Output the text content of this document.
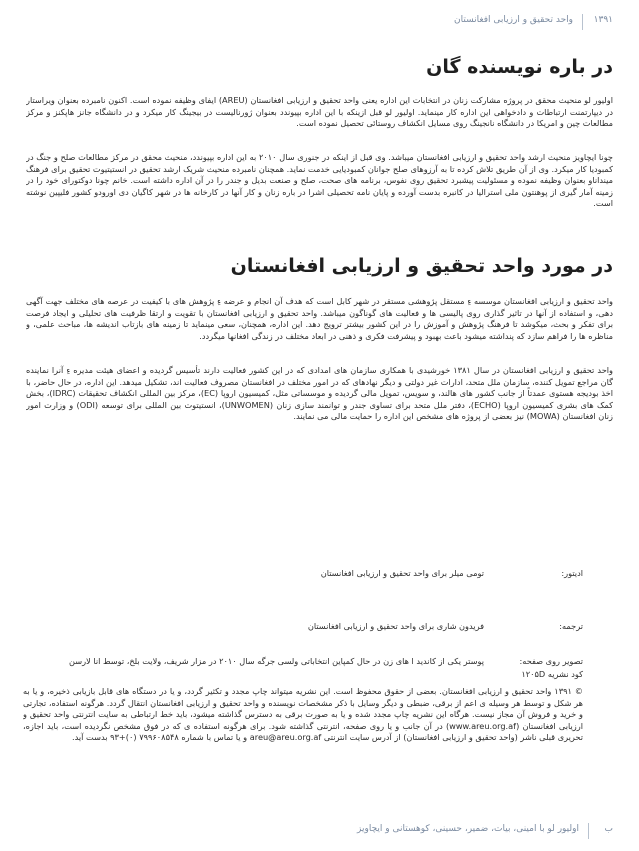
۱۳۹۱
واحد تحقیق و ارزیابی افغانستان
در باره نویسنده گان

اولیور لو منحیث محقق در پروژه مشارکت زنان در انتخابات این اداره یعنی واحد تحقیق و ارزیابی افغانستان (AREU) ایفای وظیفه نموده است. اکنون نامبرده بعنوان ویراستار در دیپارتمنت ارتباطات و دادخواهی این اداره کار مینماید. اولیور لو قبل ازینکه با این اداره بپیوندد بعنوان ژورنالیست در بیجینگ کار میکرد و در دانشگاه جانز هاپکنز و مرکز مطالعات چین و امریکا در دانشگاه نانجینگ روی مسایل انکشاف روستائی تحصیل نموده است.

چونا ایچاویز منحیث ارشد واحد تحقیق و ارزیابی افغانستان میباشد. وی قبل از اینکه در جنوری سال ۲۰۱۰ به این اداره بپیوندد، منحیث محقق در مرکز مطالعات صلح و جنگ در کمبودیا کار میکرد. وی از آن طریق تلاش کرده تا به آرزوهای صلح جوانان کمبودیایی خدمت نماید. همچنان نامبرده منحیث شریک ارشد تحقیق در انستیتیوت تحقیق برای فرهنگ مینداناو بعنوان وظیفه نموده و مسئولیت پیشبرد تحقیق روی نفوس، برنامه های صحت، صلح و صنعت بدیل و جندر را در آن اداره داشته است. خانم چونا دوکتورای خود را در زمینه آمار گیری از پوهنتون ملی استرالیا در کانبره بدست آورده و پایان نامه تحصیلی اشرا در باره زنان و کار آنها در کارخانه ها در شهر کاگیان دی اورودو کشور فلیپین نوشته است.

در مورد واحد تحقیق و ارزیابی افغانستان

واحد تحقیق و ارزیابی افغانستان موسسه ءِ مستقل پژوهشی مستقر در شهر کابل است که هدف آن انجام و عرضه ءِ پژوهش های با کیفیت در عرصه های مختلف جهت آگهی دهی، و استفاده از آنها در تاثیر گذاری روی پالیسی ها و فعالیت های گوناگون میباشد. واحد تحقیق و ارزیابی افغانستان با تقویت و ارتقا ظرفیت های تحلیلی و ایجاد فرصت برای تفکر و بحث، میکوشد تا فرهنگ پژوهش و آموزش را در این کشور بیشتر ترویج دهد. این اداره، همچنان، سعی مینماید تا زمینه های بازتاب اندیشه ها، مباحث علمی، و مناظره ها را فراهم سازد که پنداشته میشود باعث بهبود و پیشرفت فکری و ذهنی در ابعاد مختلف در زندگی افغانها میگردد.

واحد تحقیق و ارزیابی افغانستان در سال ۱۳۸۱ خورشیدی با همکاری سازمان های امدادی که در این کشور فعالیت دارند تأسیس گردیده و اعضای هیئت مدیره ءِ آنرا نماینده گان مراجع تمویل کننده، سازمان ملل متحد، ادارات غیر دولتی و دیگر نهادهای که در امور مختلف در افغانستان مصروف فعالیت اند، تشکیل میدهد. این اداره، در حال حاضر، با اخذ بودیجه هستوی عمدتاً از جانب کشور های هالند، و سویس، تمویل مالی گردیده و موسساتی مثل، کمیسیون اروپا (EC)، مرکز بین المللی انکشاف تحقیقات (IDRC)، بخش کمک های بشری کمیسیون اروپا (ECHO)، دفتر ملل متحد برای تساوی جندر و توانمند سازی زنان (UNWOMEN)، انستیتوت بین المللی برای توسعه (ODI) و وزارت امور زنان افغانستان (MOWA) نیز بعضی از پروژه های مشخص این اداره را حمایت مالی می نمایند.

ادیتور:
تومی میلر برای واحد تحقیق و ارزیابی افغانستان
ترجمه:
فریدون شاری برای واحد تحقیق و ارزیابی افغانستان
تصویر روی صفحه:
پوستر یکی از کاندید ا های زن در حال کمپاین انتخاباتی ولسی جرگه سال ۲۰۱۰ در مزار شریف، ولایت بلخ، توسط انا لارسن
کود نشریه ۱۲۰۵D

© ۱۳۹۱ واحد تحقیق و ارزیابی افغانستان. بعضی از حقوق محفوظ است. این نشریه میتواند چاپ مجدد و تکثیر گردد، و یا در دستگاه های قابل بازیابی ذخیره، و یا به هر شکل و توسط هر وسیله ی اعم از برقی، ضبطی و دیگر وسایل با ذکر مشخصات نویسنده و واحد تحقیق و ارزیابی افغانستان انتقال گردد. هرگونه استفاده، تجارتی و خرید و فروش آن مجاز نیست. هرگاه این نشریه چاپ مجدد شده و یا به صورت برقی به دسترس گذاشته میشود، باید خط ارتباطی به سایت انترنتی واحد تحقیق و ارزیابی افغانستان (www.areu.org.af) در آن جانب و یا روی صفحه، انترنتی گذاشته شود. برای هرگونه استفاده ی که در فوق مشخص نگردیده است، باید اجازه، تحریری قبلی ناشر (واحد تحقیق و ارزیابی افغانستان) از آدرس سایت انترنتی areu@areu.org.af و یا تماس با شماره ۷۹۹۶۰۸۵۴۸ (۰)+۹۳ بدست آید.

ب
اولیور لو با امینی، بیات، ضمیر، حسینی، کوهستانی و ایچاویز
